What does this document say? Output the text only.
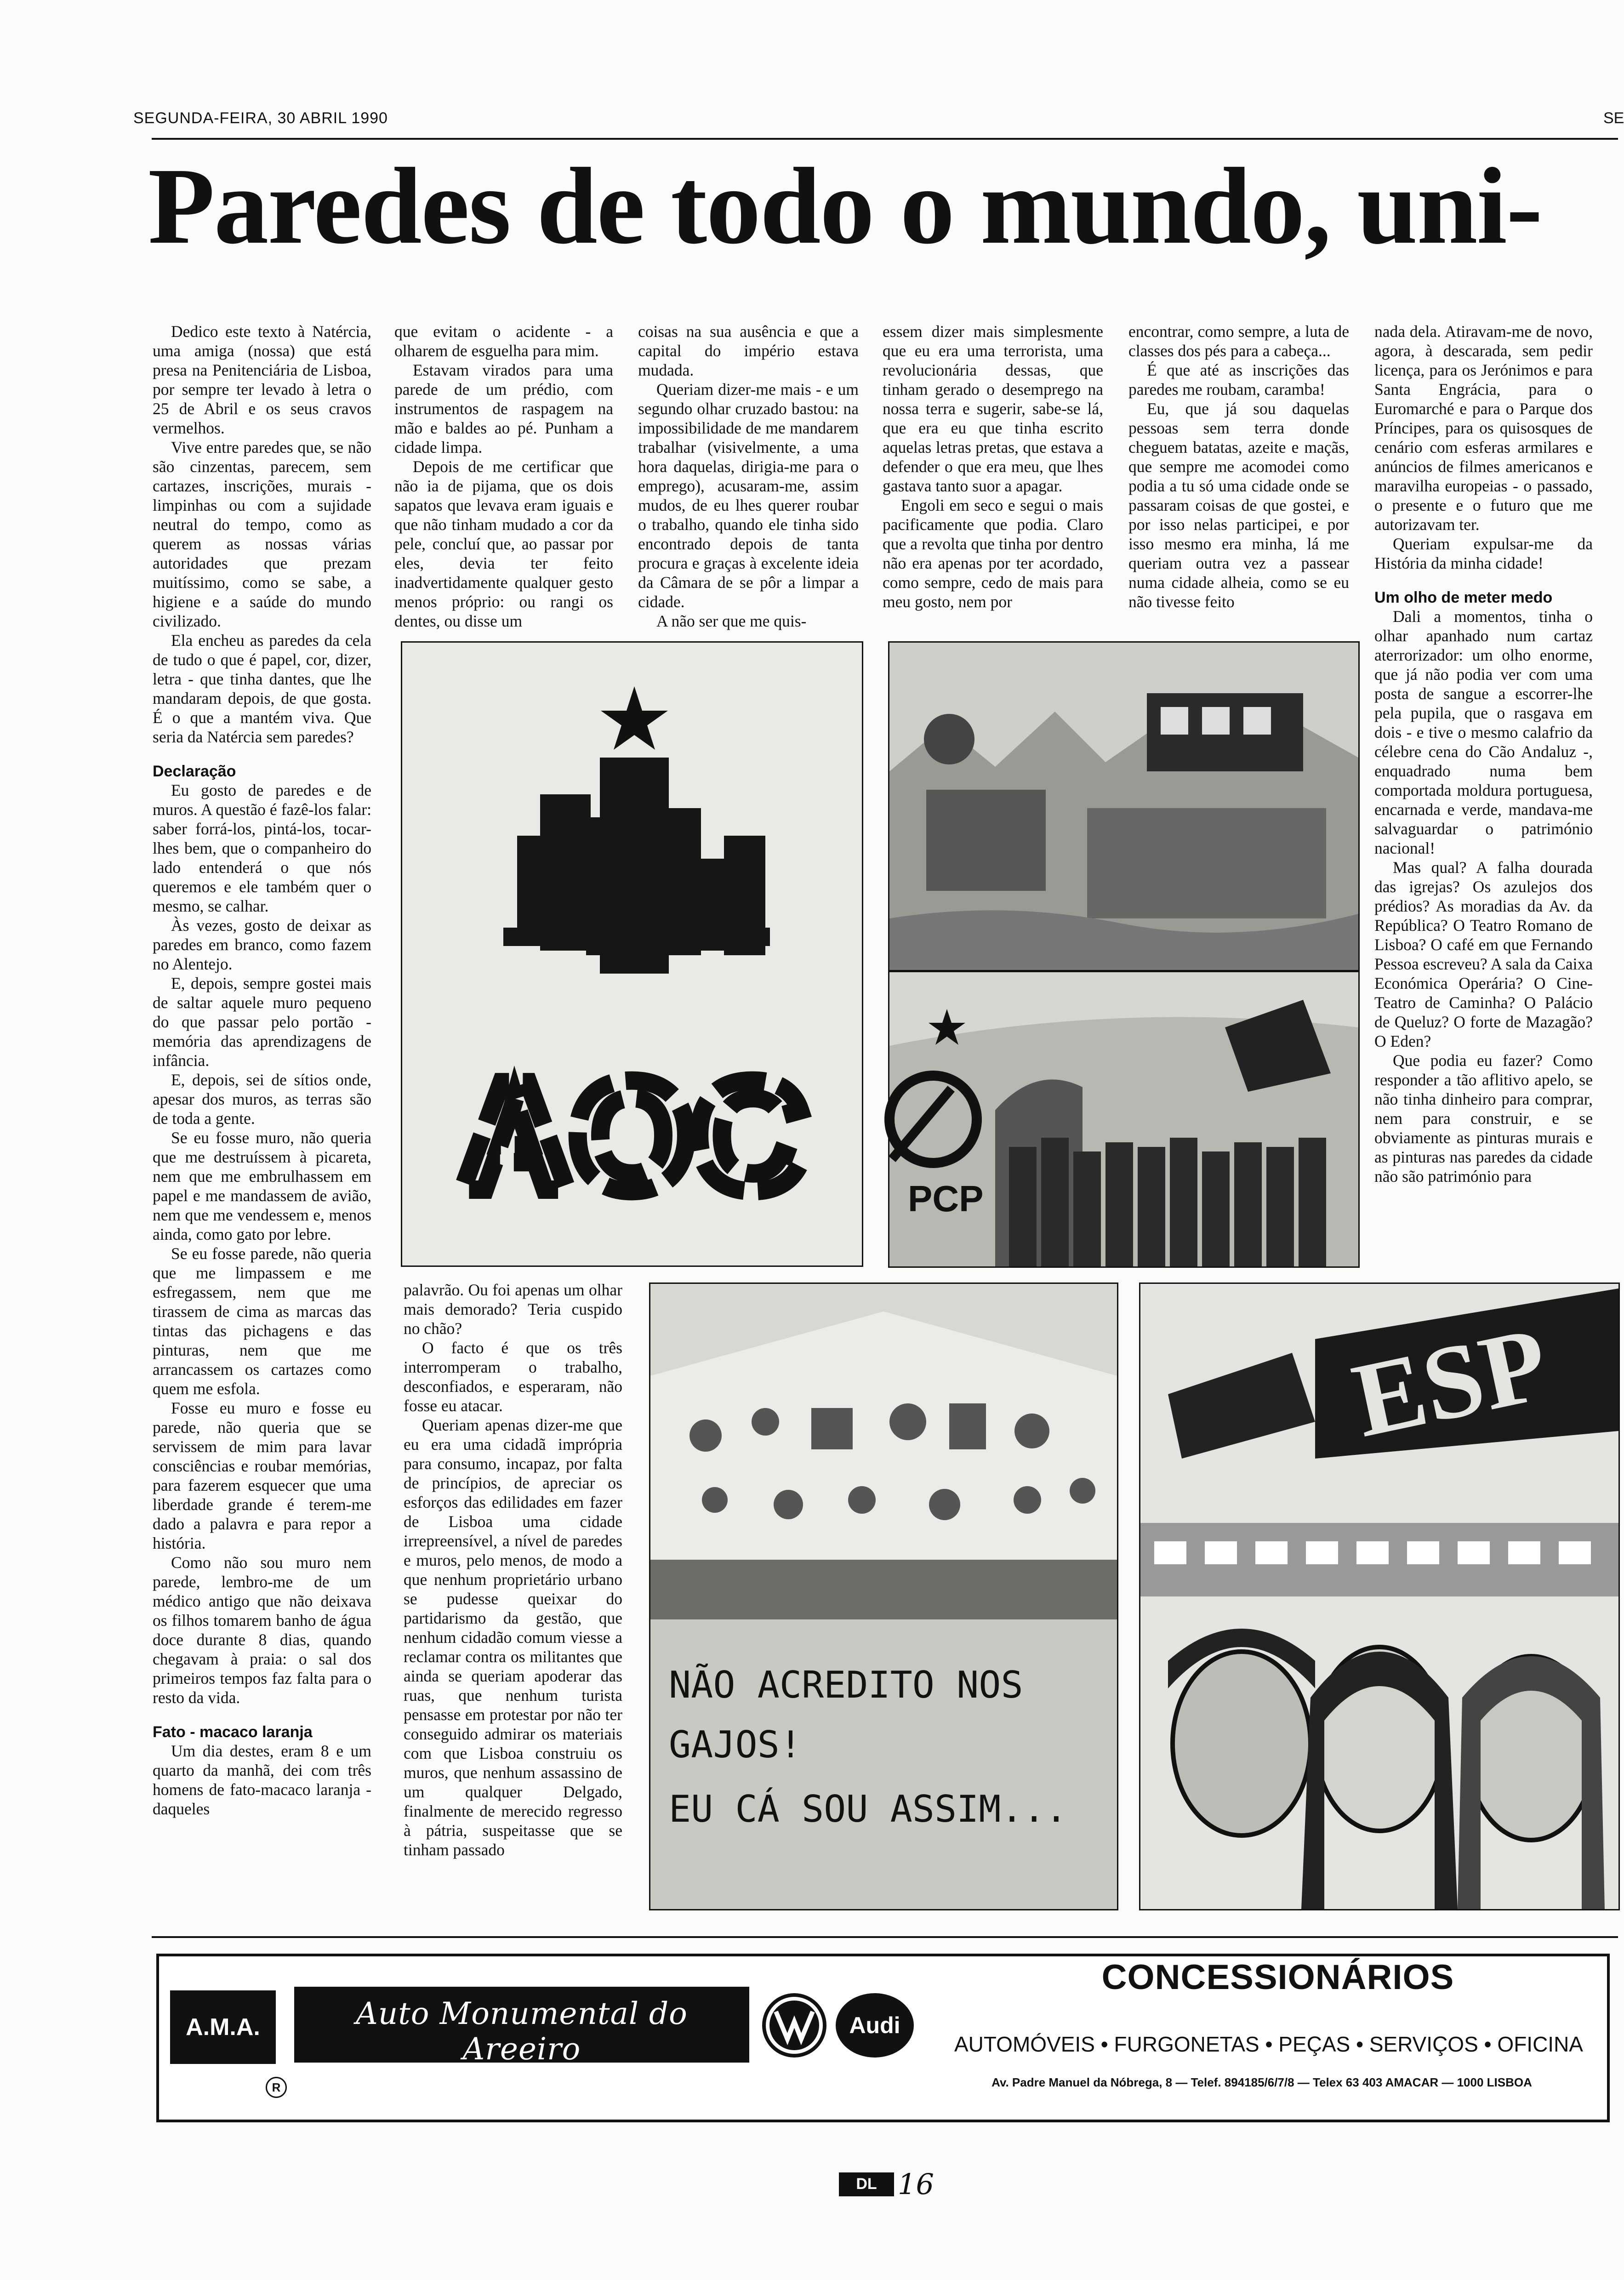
SEGUNDA-FEIRA, 30 ABRIL 1990	SE
Paredes de todo o mundo, uni-

Dedico este texto à Natércia, uma amiga (nossa) que está presa na Penitenciária de Lisboa, por sempre ter levado à letra o 25 de Abril e os seus cravos vermelhos.

Vive entre paredes que, se não são cinzentas, parecem, sem cartazes, inscrições, murais - limpinhas ou com a sujidade neutral do tempo, como as querem as nossas várias autoridades que prezam muitíssimo, como se sabe, a higiene e a saúde do mundo civilizado.

Ela encheu as paredes da cela de tudo o que é papel, cor, dizer, letra - que tinha dantes, que lhe mandaram depois, de que gosta. É o que a mantém viva. Que seria da Natércia sem paredes?

Declaração

Eu gosto de paredes e de muros. A questão é fazê-los falar: saber forrá-los, pintá-los, tocar-lhes bem, que o companheiro do lado entenderá o que nós queremos e ele também quer o mesmo, se calhar.

Às vezes, gosto de deixar as paredes em branco, como fazem no Alentejo.

E, depois, sempre gostei mais de saltar aquele muro pequeno do que passar pelo portão - memória das aprendizagens de infância.

E, depois, sei de sítios onde, apesar dos muros, as terras são de toda a gente.

Se eu fosse muro, não queria que me destruíssem à picareta, nem que me embrulhassem em papel e me mandassem de avião, nem que me vendessem e, menos ainda, como gato por lebre.

Se eu fosse parede, não queria que me limpassem e me esfregassem, nem que me tirassem de cima as marcas das tintas das pichagens e das pinturas, nem que me arrancassem os cartazes como quem me esfola.

Fosse eu muro e fosse eu parede, não queria que se servissem de mim para lavar consciências e roubar memórias, para fazerem esquecer que uma liberdade grande é terem-me dado a palavra e para repor a história.

Como não sou muro nem parede, lembro-me de um médico antigo que não deixava os filhos tomarem banho de água doce durante 8 dias, quando chegavam à praia: o sal dos primeiros tempos faz falta para o resto da vida.

Fato - macaco laranja

Um dia destes, eram 8 e um quarto da manhã, dei com três homens de fato-macaco laranja - daqueles

que evitam o acidente - a olharem de esguelha para mim.

Estavam virados para uma parede de um prédio, com instrumentos de raspagem na mão e baldes ao pé. Punham a cidade limpa.

Depois de me certificar que não ia de pijama, que os dois sapatos que levava eram iguais e que não tinham mudado a cor da pele, concluí que, ao passar por eles, devia ter feito inadvertidamente qualquer gesto menos próprio: ou rangi os dentes, ou disse um

palavrão. Ou foi apenas um olhar mais demorado? Teria cuspido no chão?

O facto é que os três interromperam o trabalho, desconfiados, e esperaram, não fosse eu atacar.

Queriam apenas dizer-me que eu era uma cidadã imprópria para consumo, incapaz, por falta de princípios, de apreciar os esforços das edilidades em fazer de Lisboa uma cidade irrepreensível, a nível de paredes e muros, pelo menos, de modo a que nenhum proprietário urbano se pudesse queixar do partidarismo da gestão, que nenhum cidadão comum viesse a reclamar contra os militantes que ainda se queriam apoderar das ruas, que nenhum turista pensasse em protestar por não ter conseguido admirar os materiais com que Lisboa construiu os muros, que nenhum assassino de um qualquer Delgado, finalmente de merecido regresso à pátria, suspeitasse que se tinham passado

coisas na sua ausência e que a capital do império estava mudada.

Queriam dizer-me mais - e um segundo olhar cruzado bastou: na impossibilidade de me mandarem trabalhar (visivelmente, a uma hora daquelas, dirigia-me para o emprego), acusaram-me, assim mudos, de eu lhes querer roubar o trabalho, quando ele tinha sido encontrado depois de tanta procura e graças à excelente ideia da Câmara de se pôr a limpar a cidade.

A não ser que me quis-

essem dizer mais simplesmente que eu era uma terrorista, uma revolucionária dessas, que tinham gerado o desemprego na nossa terra e sugerir, sabe-se lá, que era eu que tinha escrito aquelas letras pretas, que estava a defender o que era meu, que lhes gastava tanto suor a apagar.

Engoli em seco e segui o mais pacificamente que podia. Claro que a revolta que tinha por dentro não era apenas por ter acordado, como sempre, cedo de mais para meu gosto, nem por

encontrar, como sempre, a luta de classes dos pés para a cabeça...

É que até as inscrições das paredes me roubam, caramba!

Eu, que já sou daquelas pessoas sem terra donde cheguem batatas, azeite e maçãs, que sempre me acomodei como podia a tu só uma cidade onde se passaram coisas de que gostei, e por isso nelas participei, e por isso mesmo era minha, lá me queriam outra vez a passear numa cidade alheia, como se eu não tivesse feito

nada dela. Atiravam-me de novo, agora, à descarada, sem pedir licença, para os Jerónimos e para Santa Engrácia, para o Euromarché e para o Parque dos Príncipes, para os quisosques de cenário com esferas armilares e anúncios de filmes americanos e maravilha europeias - o passado, o presente e o futuro que me autorizavam ter.

Queriam expulsar-me da História da minha cidade!

Um olho de meter medo

Dali a momentos, tinha o olhar apanhado num cartaz aterrorizador: um olho enorme, que já não podia ver com uma posta de sangue a escorrer-lhe pela pupila, que o rasgava em dois - e tive o mesmo calafrio da célebre cena do Cão Andaluz -, enquadrado numa bem comportada moldura portuguesa, encarnada e verde, mandava-me salvaguardar o património nacional!

Mas qual? A falha dourada das igrejas? Os azulejos dos prédios? As moradias da Av. da República? O Teatro Romano de Lisboa? O café em que Fernando Pessoa escreveu? A sala da Caixa Económica Operária? O Cine-Teatro de Caminha? O Palácio de Queluz? O forte de Mazagão? O Eden?

Que podia eu fazer? Como responder a tão aflitivo apelo, se não tinha dinheiro para comprar, nem para construir, e se obviamente as pinturas murais e as pinturas nas paredes da cidade não são património para

AOC	PCP
NÃO ACREDITO NOS
GAJOS!
EU CÁ SOU ASSIM...
ESP
A.M.A.
R
Auto Monumental do Areeiro
S.A.
Audi
CONCESSIONÁRIOS
AUTOMÓVEIS • FURGONETAS • PEÇAS • SERVIÇOS • OFICINA
Av. Padre Manuel da Nóbrega, 8 — Telef. 894185/6/7/8 — Telex 63 403 AMACAR — 1000 LISBOA
DL 16
